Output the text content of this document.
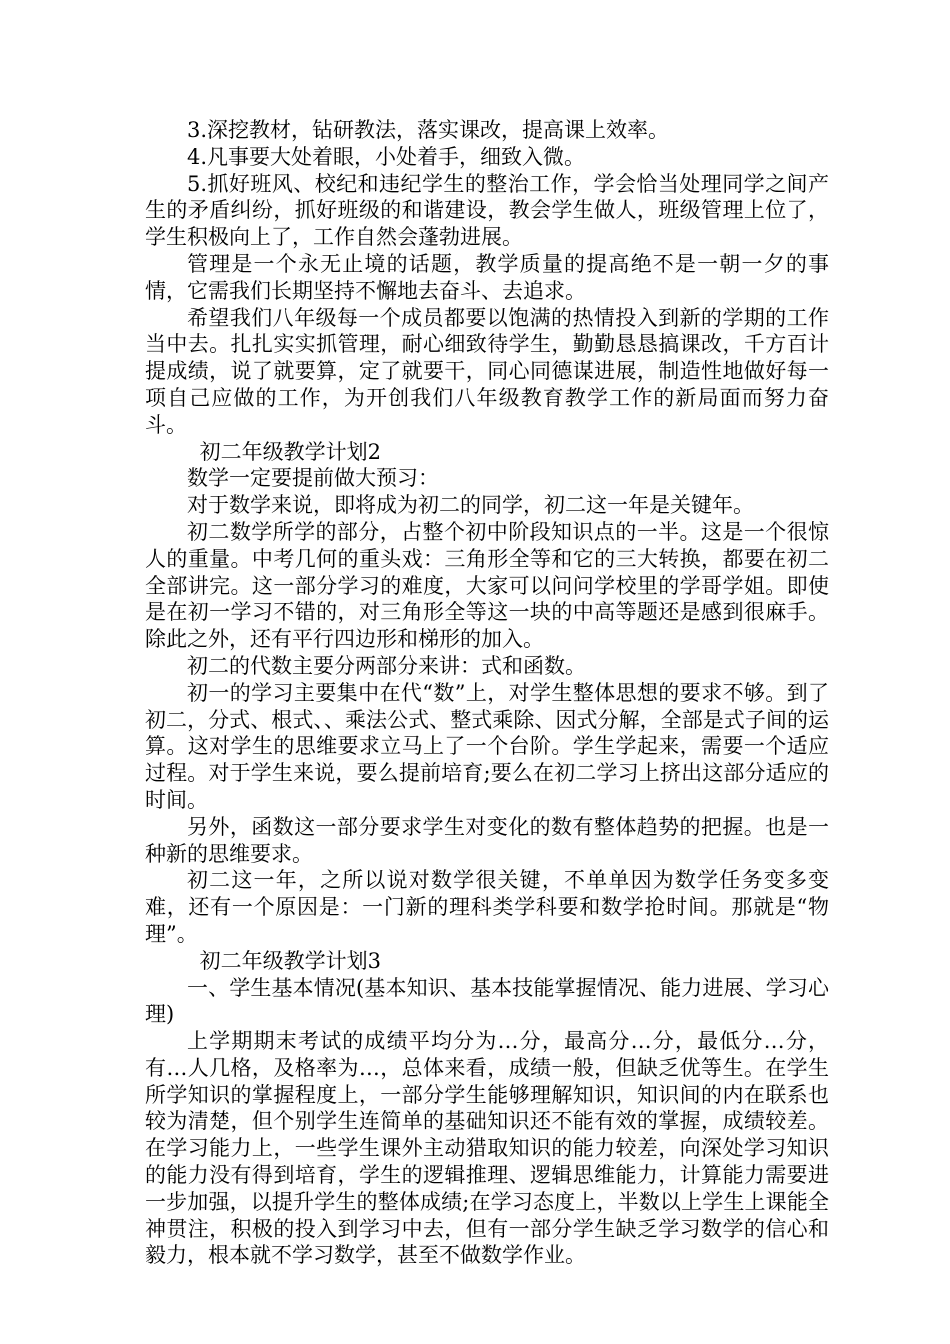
3.深挖教材，钻研教法，落实课改，提高课上效率。

4.凡事要大处着眼，小处着手，细致入微。

5.抓好班风、校纪和违纪学生的整治工作，学会恰当处理同学之间产生的矛盾纠纷，抓好班级的和谐建设，教会学生做人，班级管理上位了，学生积极向上了，工作自然会蓬勃进展。

管理是一个永无止境的话题，教学质量的提高绝不是一朝一夕的事情，它需我们长期坚持不懈地去奋斗、去追求。

希望我们八年级每一个成员都要以饱满的热情投入到新的学期的工作当中去。扎扎实实抓管理，耐心细致待学生，勤勤恳恳搞课改，千方百计提成绩，说了就要算，定了就要干，同心同德谋进展，制造性地做好每一项自己应做的工作，为开创我们八年级教育教学工作的新局面而努力奋斗。

初二年级教学计划2

数学一定要提前做大预习：

对于数学来说，即将成为初二的同学，初二这一年是关键年。

初二数学所学的部分，占整个初中阶段知识点的一半。这是一个很惊人的重量。中考几何的重头戏：三角形全等和它的三大转换，都要在初二全部讲完。这一部分学习的难度，大家可以问问学校里的学哥学姐。即使是在初一学习不错的，对三角形全等这一块的中高等题还是感到很麻手。除此之外，还有平行四边形和梯形的加入。

初二的代数主要分两部分来讲：式和函数。

初一的学习主要集中在代“数”上，对学生整体思想的要求不够。到了初二，分式、根式、、乘法公式、整式乘除、因式分解，全部是式子间的运算。这对学生的思维要求立马上了一个台阶。学生学起来，需要一个适应过程。对于学生来说，要么提前培育;要么在初二学习上挤出这部分适应的时间。

另外，函数这一部分要求学生对变化的数有整体趋势的把握。也是一种新的思维要求。

初二这一年，之所以说对数学很关键，不单单因为数学任务变多变难，还有一个原因是：一门新的理科类学科要和数学抢时间。那就是“物理”。

初二年级教学计划3

一、学生基本情况(基本知识、基本技能掌握情况、能力进展、学习心理)

上学期期末考试的成绩平均分为…分，最高分…分，最低分…分，有…人几格，及格率为…，总体来看，成绩一般，但缺乏优等生。在学生所学知识的掌握程度上，一部分学生能够理解知识，知识间的内在联系也较为清楚，但个别学生连简单的基础知识还不能有效的掌握，成绩较差。在学习能力上，一些学生课外主动猎取知识的能力较差，向深处学习知识的能力没有得到培育，学生的逻辑推理、逻辑思维能力，计算能力需要进一步加强，以提升学生的整体成绩;在学习态度上，半数以上学生上课能全神贯注，积极的投入到学习中去，但有一部分学生缺乏学习数学的信心和毅力，根本就不学习数学，甚至不做数学作业。
